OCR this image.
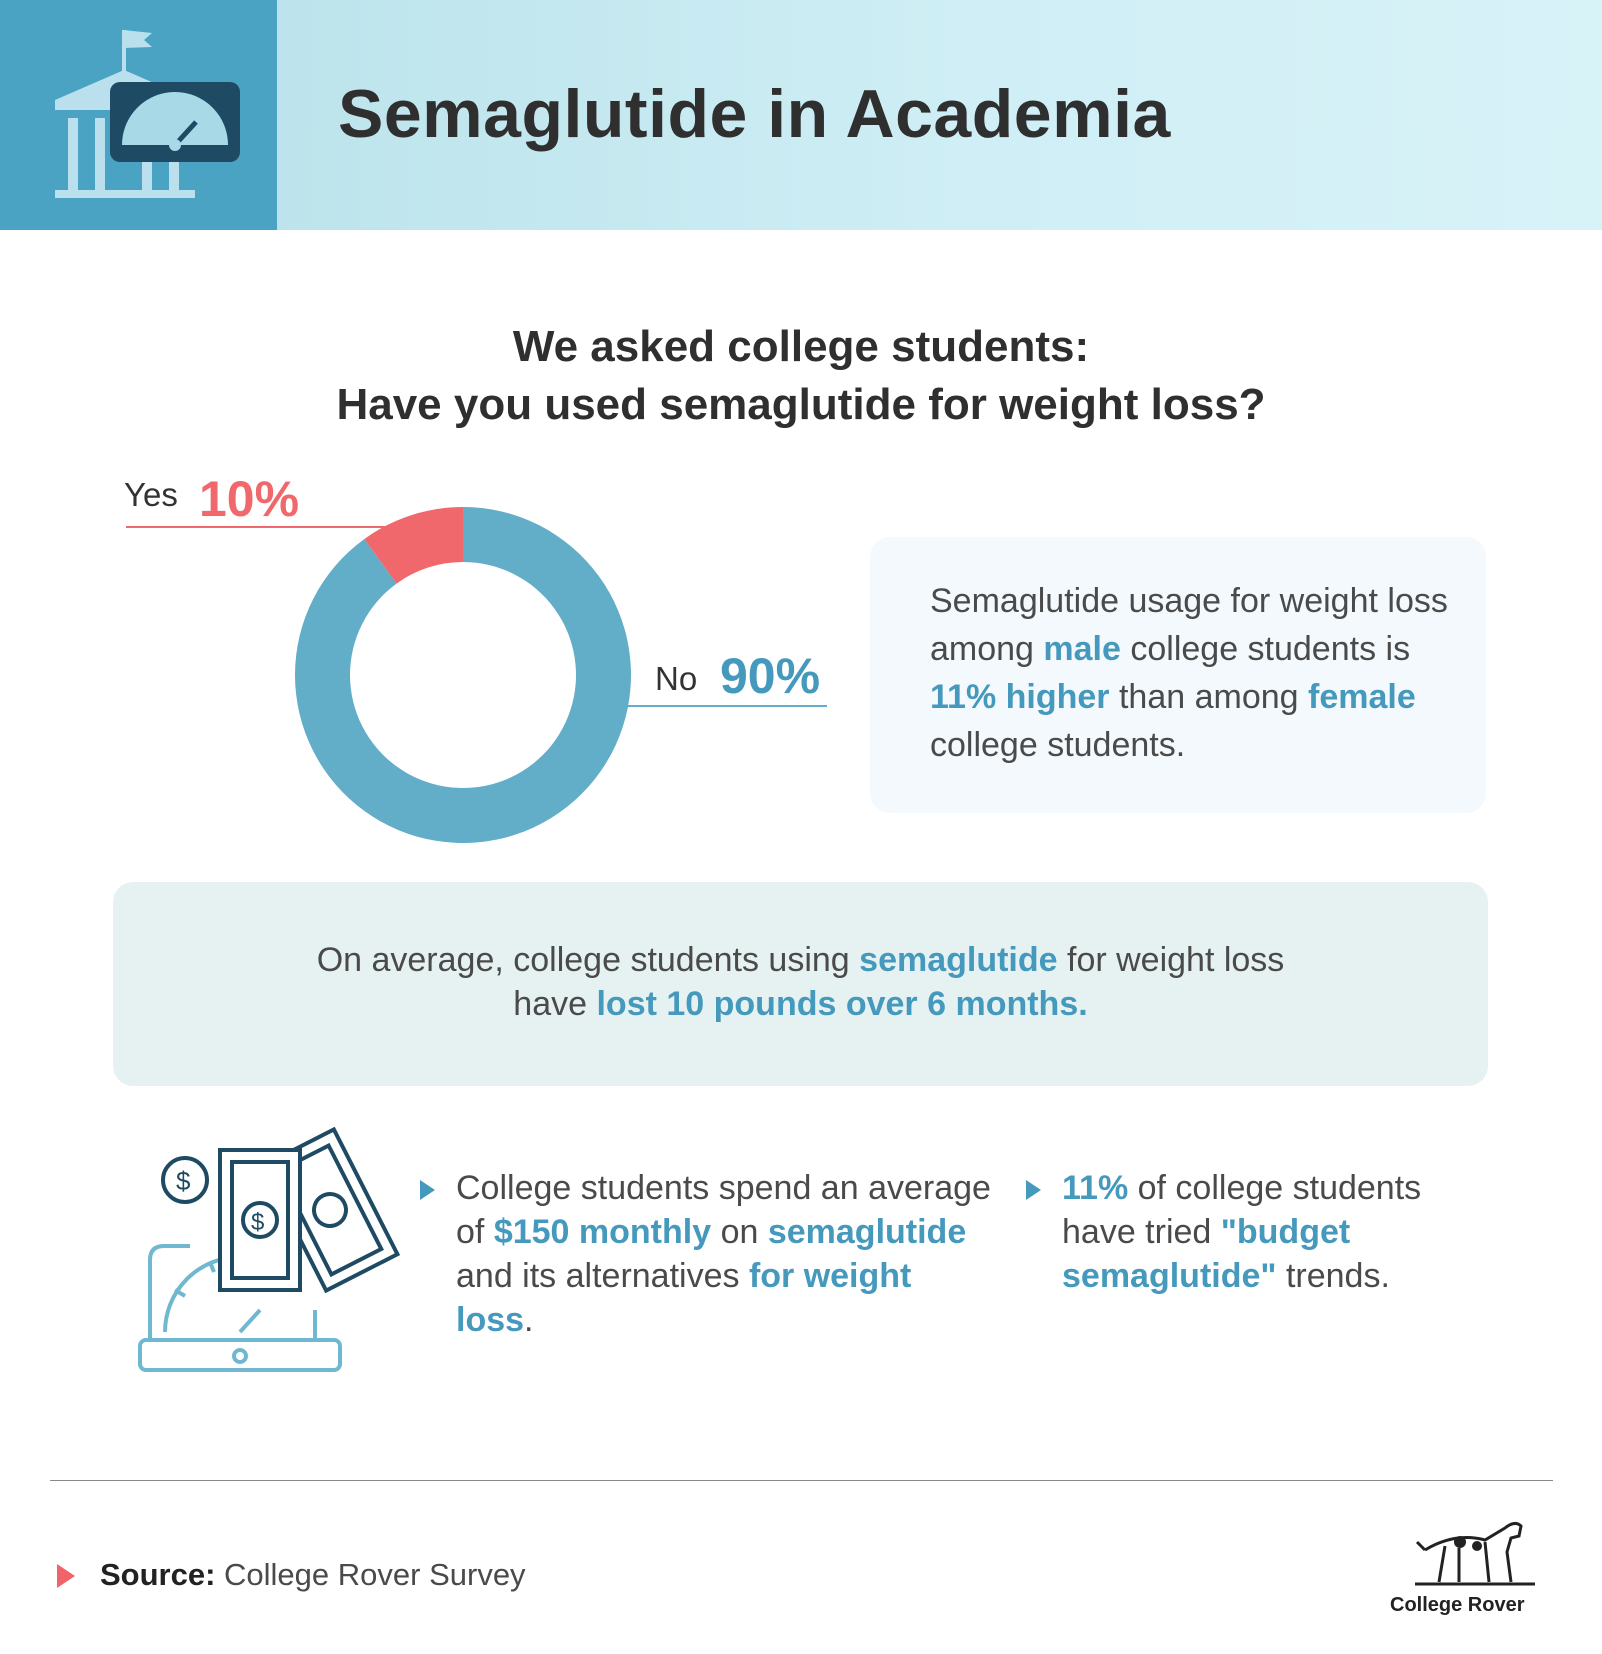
Semaglutide in Academia
We asked college students:
Have you used semaglutide for weight loss?
Yes 10%
No 90%
Semaglutide usage for weight loss among male college students is 11% higher than among female college students.
On average, college students using semaglutide for weight loss
have lost 10 pounds over 6 months.
$
$
College students spend an average of $150 monthly on semaglutide and its alternatives for weight loss.
11% of college students have tried "budget semaglutide" trends.
Source: College Rover Survey
College Rover
